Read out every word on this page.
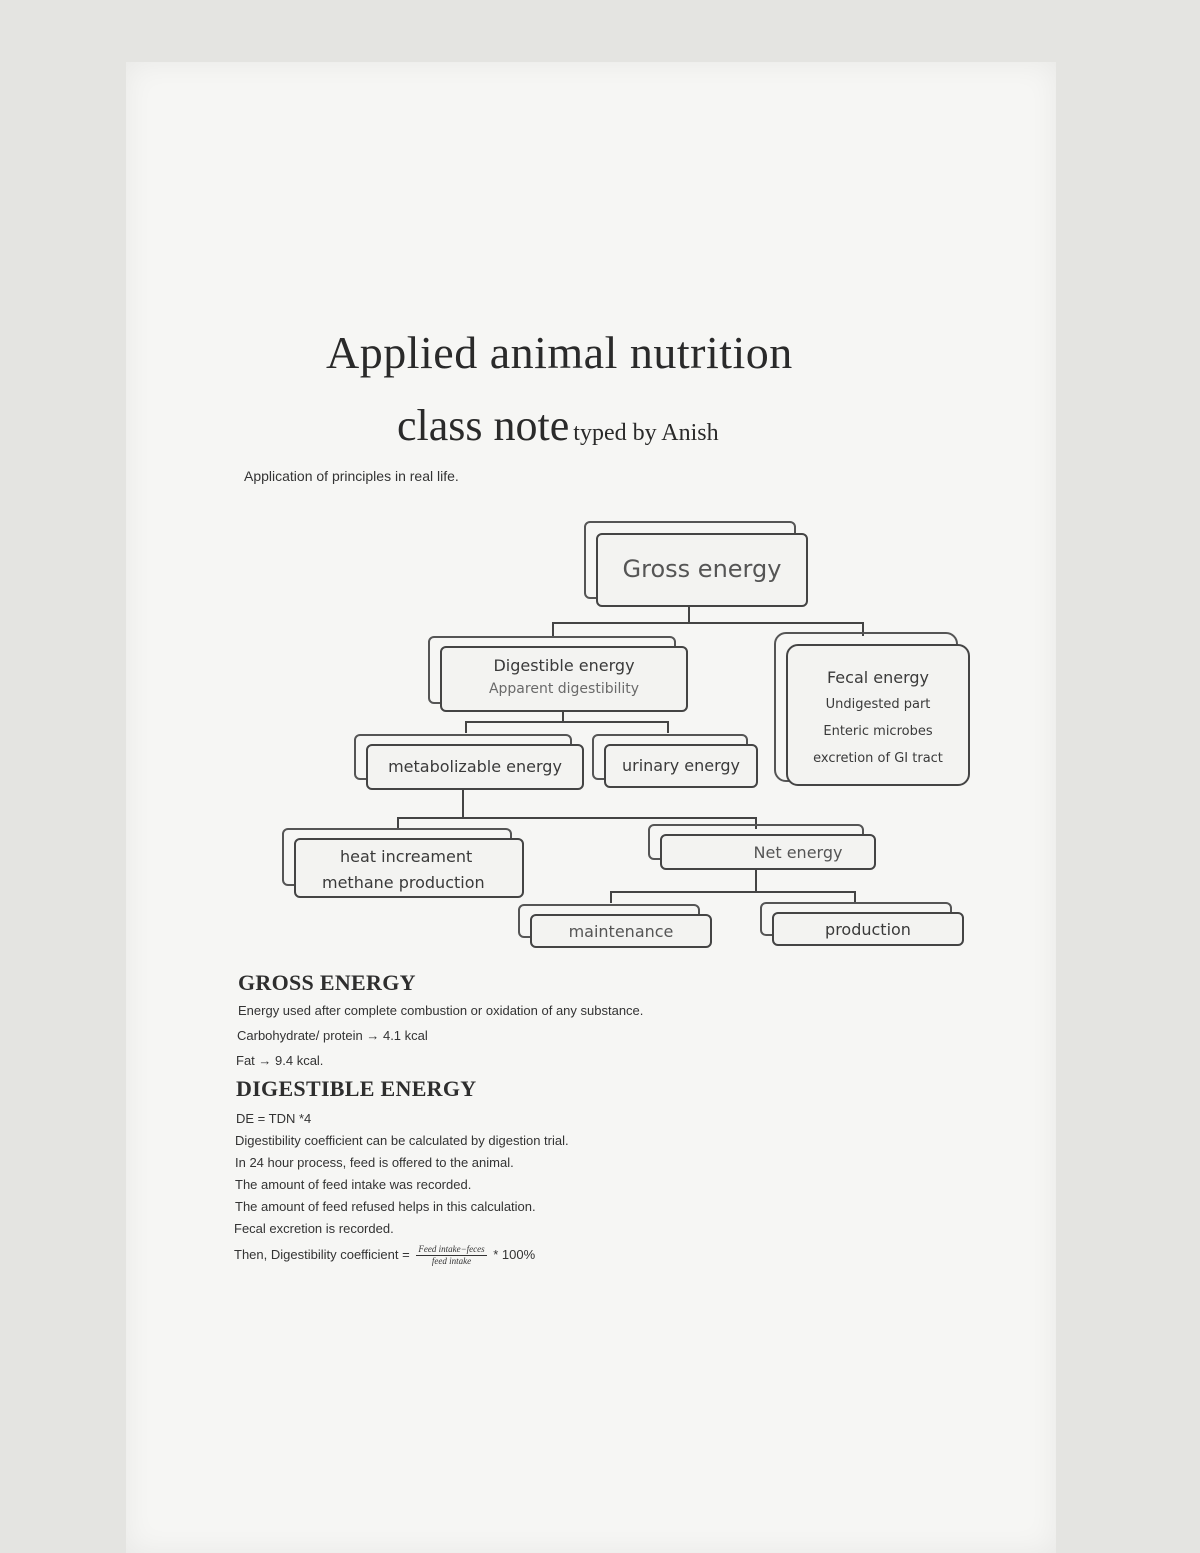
Applied animal nutrition
class note typed by Anish
Application of principles in real life.
Gross energy
Digestible energy
Apparent digestibility
Fecal energy
Undigested part
Enteric microbes
excretion of GI tract
metabolizable energy	urinary energy
heat increament
methane production
Net energy
maintenance	production
GROSS ENERGY
Energy used after complete combustion or oxidation of any substance.
Carbohydrate/ protein → 4.1 kcal
Fat → 9.4 kcal.
DIGESTIBLE ENERGY
DE = TDN *4
Digestibility coefficient can be calculated by digestion trial.
In 24 hour process, feed is offered to the animal.
The amount of feed intake was recorded.
The amount of feed refused helps in this calculation.
Fecal excretion is recorded.
Then, Digestibility coefficient = $\frac{\text{Feed intake−feces}}{\text{feed intake}} * 100\%$
